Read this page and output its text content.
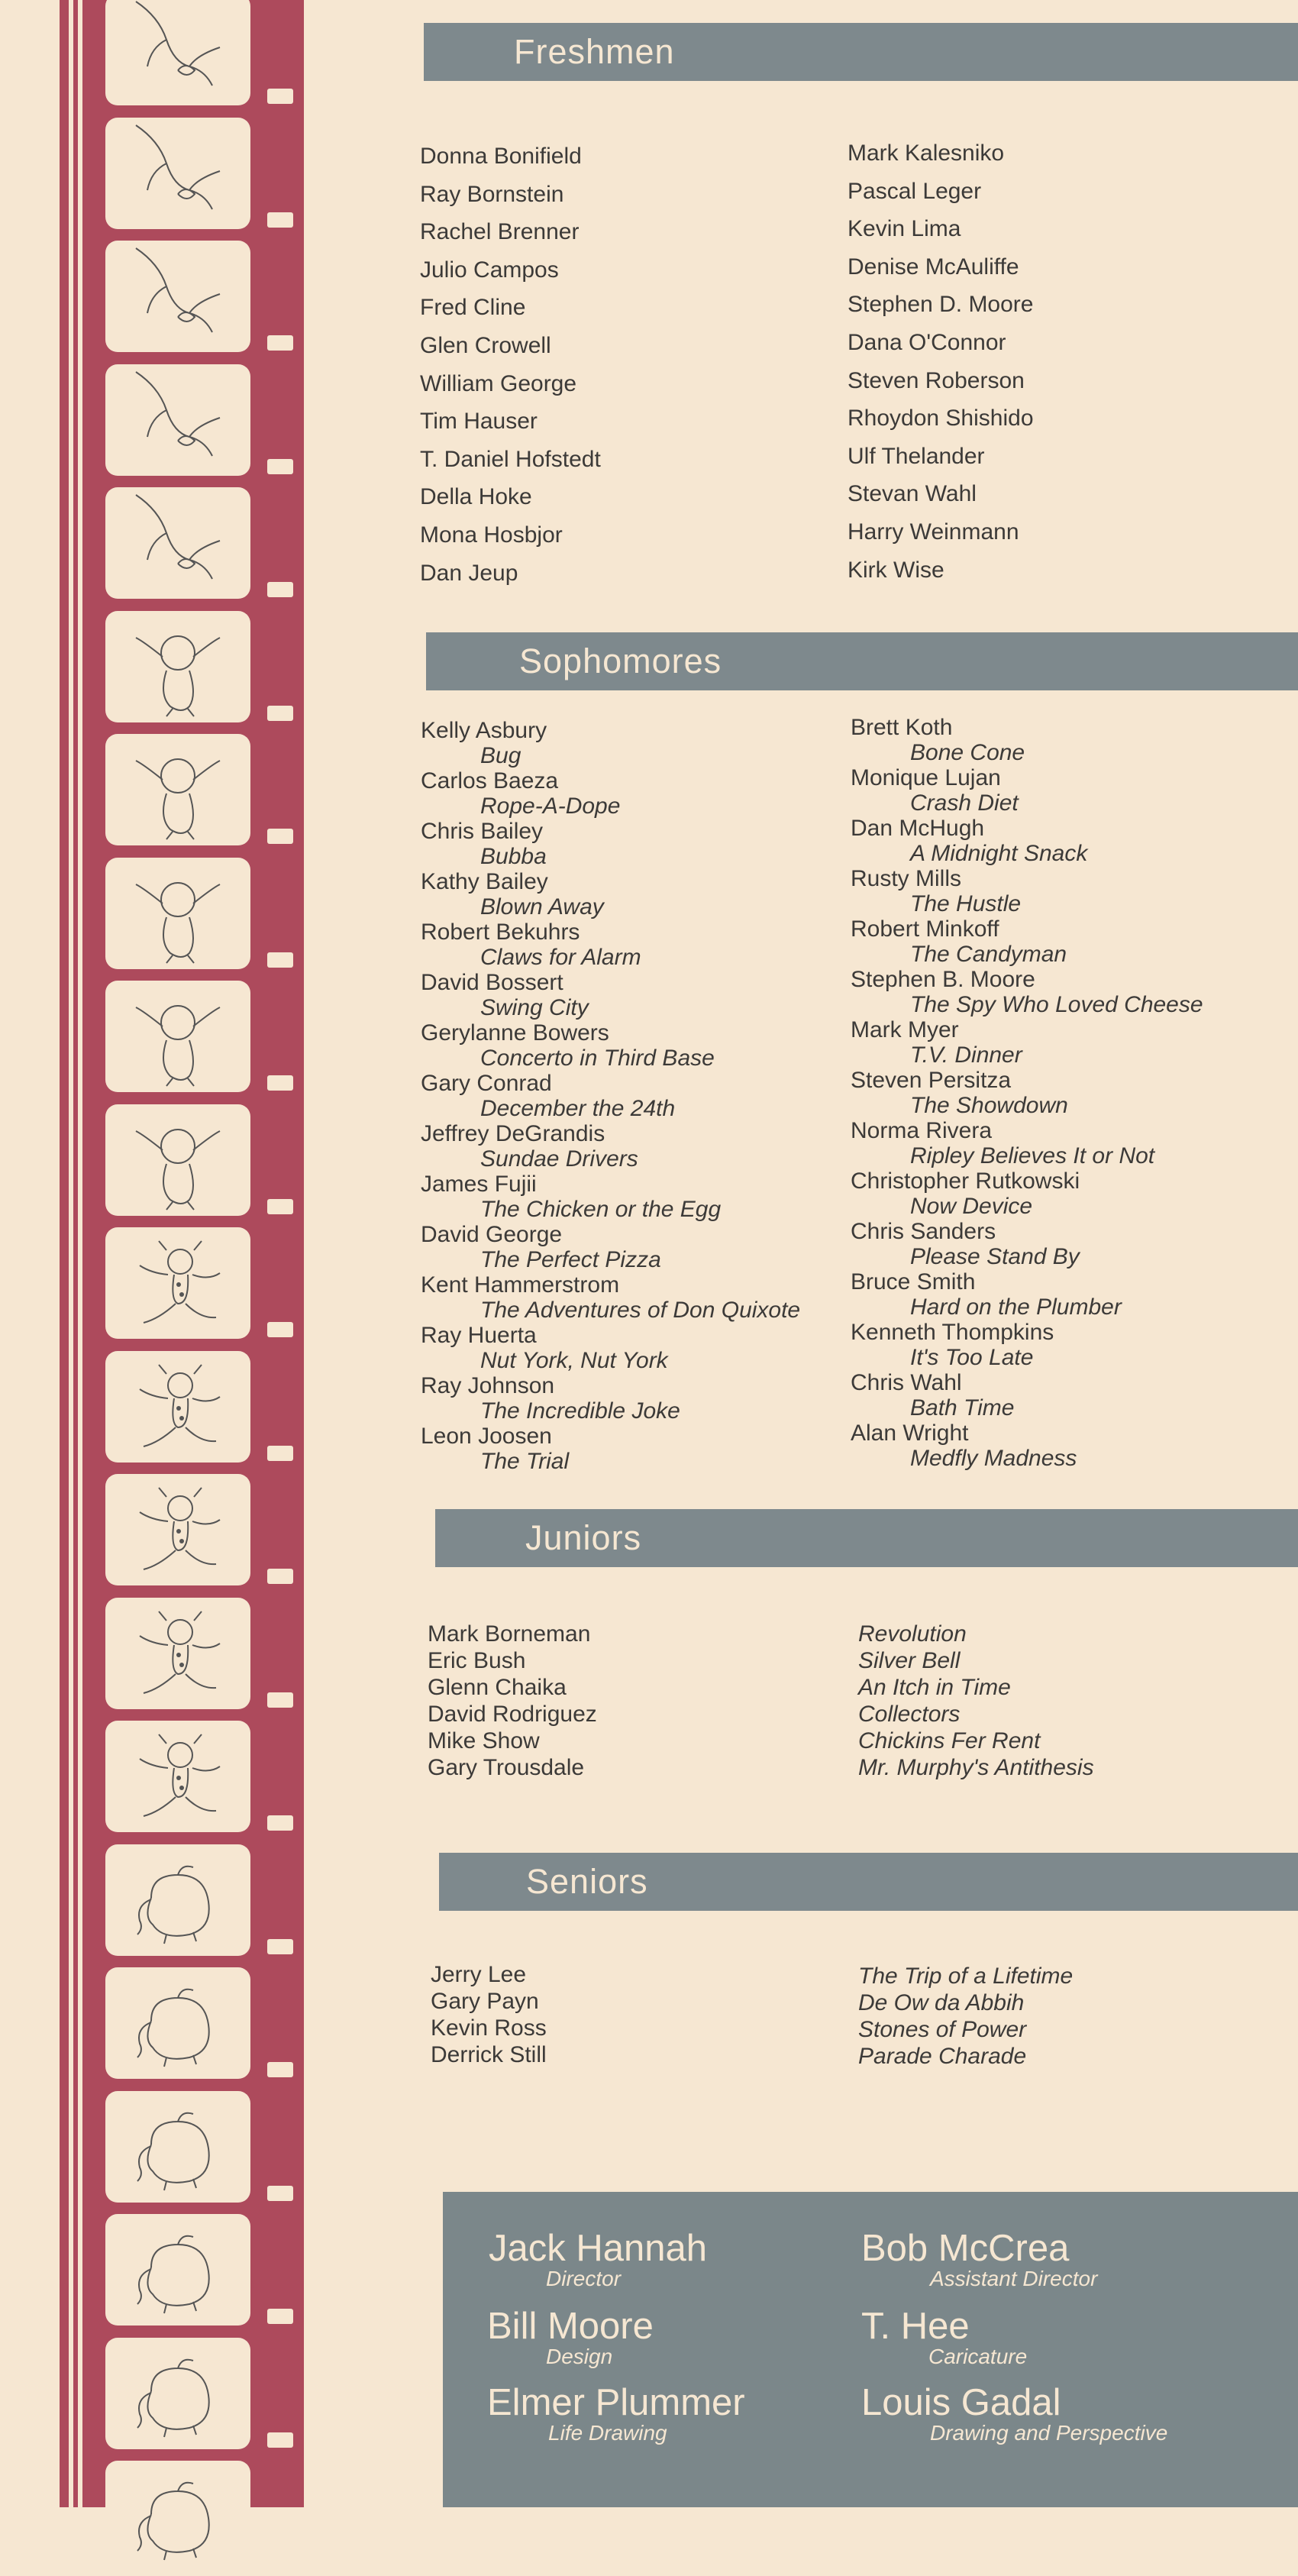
Freshmen
Donna Bonifield
Ray Bornstein
Rachel Brenner
Julio Campos
Fred Cline
Glen Crowell
William George
Tim Hauser
T. Daniel Hofstedt
Della Hoke
Mona Hosbjor
Dan Jeup
Mark Kalesniko
Pascal Leger
Kevin Lima
Denise McAuliffe
Stephen D. Moore
Dana O'Connor
Steven Roberson
Rhoydon Shishido
Ulf Thelander
Stevan Wahl
Harry Weinmann
Kirk Wise
Sophomores
Kelly Asbury
Bug
Carlos Baeza
Rope-A-Dope
Chris Bailey
Bubba
Kathy Bailey
Blown Away
Robert Bekuhrs
Claws for Alarm
David Bossert
Swing City
Gerylanne Bowers
Concerto in Third Base
Gary Conrad
December the 24th
Jeffrey DeGrandis
Sundae Drivers
James Fujii
The Chicken or the Egg
David George
The Perfect Pizza
Kent Hammerstrom
The Adventures of Don Quixote
Ray Huerta
Nut York, Nut York
Ray Johnson
The Incredible Joke
Leon Joosen
The Trial
Brett Koth
Bone Cone
Monique Lujan
Crash Diet
Dan McHugh
A Midnight Snack
Rusty Mills
The Hustle
Robert Minkoff
The Candyman
Stephen B. Moore
The Spy Who Loved Cheese
Mark Myer
T.V. Dinner
Steven Persitza
The Showdown
Norma Rivera
Ripley Believes It or Not
Christopher Rutkowski
Now Device
Chris Sanders
Please Stand By
Bruce Smith
Hard on the Plumber
Kenneth Thompkins
It's Too Late
Chris Wahl
Bath Time
Alan Wright
Medfly Madness
Juniors
Mark Borneman
Eric Bush
Glenn Chaika
David Rodriguez
Mike Show
Gary Trousdale
Revolution
Silver Bell
An Itch in Time
Collectors
Chickins Fer Rent
Mr. Murphy's Antithesis
Seniors
Jerry Lee
Gary Payn
Kevin Ross
Derrick Still
The Trip of a Lifetime
De Ow da Abbih
Stones of Power
Parade Charade
Jack Hannah
Director
Bob McCrea
Assistant Director
Bill Moore
Design
T. Hee
Caricature
Elmer Plummer
Life Drawing
Louis Gadal
Drawing and Perspective
